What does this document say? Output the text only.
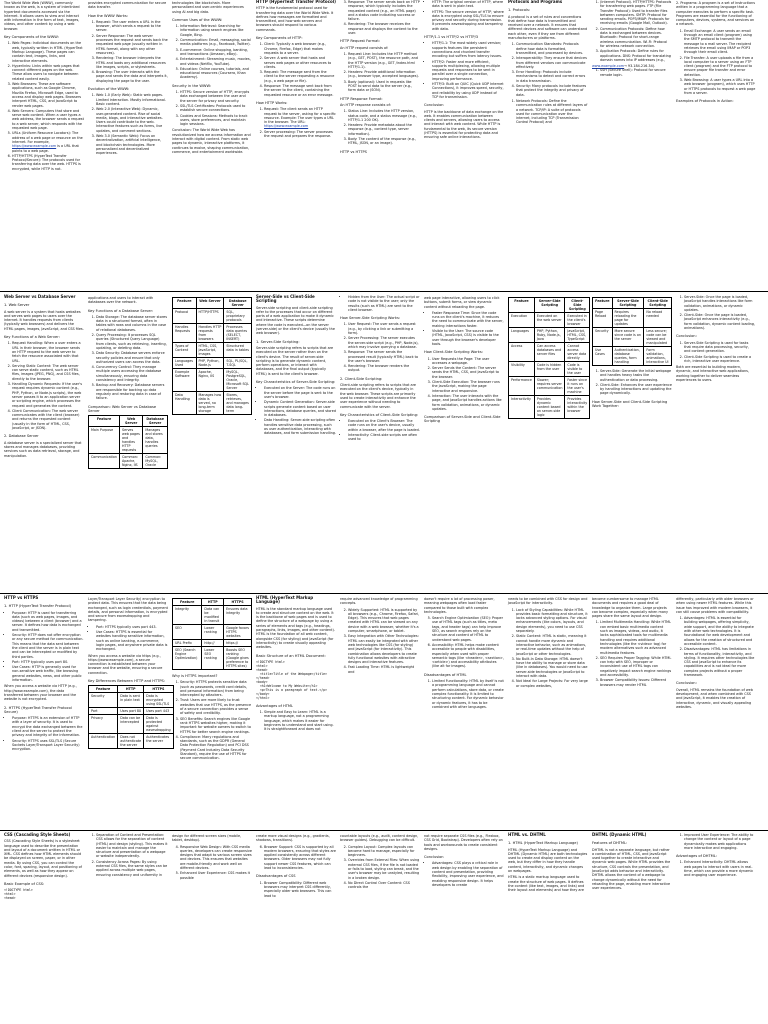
The World Wide Web (WWW), commonly known as the web, is a system of interlinked hypertext documents accessed via the Internet. It allows users to view and interact with information in the form of text, images, videos, and other content by using a web browser.

Key Components of the WWW:
1. Web Pages: Individual documents on the web, typically written in HTML (HyperText Markup Language). These pages can contain text, images, links, and interactive elements.
2. Hyperlinks: Links within web pages that connect different pages on the web. These allow users to navigate between related content easily.
3. Web Browsers: These are software applications, such as Google Chrome, Mozilla Firefox, Microsoft Edge, used to access and display web pages. Browsers interpret HTML, CSS, and JavaScript to render web pages.
4. Web Servers: Computers that store and serve web content. When a user types a web address, the browser sends a request to a web server, which responds with the requested web page.
5. URLs (Uniform Resource Locators): The address of a web page or resource on the internet. For example, https://www.example.com is a URL that points to a web page.
6. HTTP/HTTPS (HyperText Transfer Protocol/Secure): The protocols used for transferring data over the web. HTTPS is encrypted, while HTTP is not.

provides encrypted communication for secure data transfer.

How the WWW Works:
1. Request: The user enters a URL in the browser, which sends a request to the server.
2. Server Response: The web server processes the request and sends back the requested web page (usually written in HTML format, along with any other resources).
3. Rendering: The browser interprets the HTML and loads any additional resources like images, scripts, or stylesheets.
4. Browsing: The user interacts with the page and sends the data and interprets it, displaying the page to the user.
Evolution of the WWW:
1. Web 1.0 (Early Web): Static web pages. Limited interaction. Mostly informational. Basic content.
2. Web 2.0 (Interactive Web): Dynamic, user-generated content. Rise of social media, blogs, and interactive websites. Users could contribute to the web. Interactive features such as forms, live updates, and comment sections.
3. Web 3.0 (Semantic Web): Focus on decentralization, artificial intelligence, and blockchain technologies. More personalized and decentralized experiences.

technologies like blockchain. More personalized and user-centric experiences using AI and big data.

Common Uses of the WWW:
1. Information Retrieval: Searching for information using search engines like Google, Bing.
2. Communication: Email, messaging, social media platforms (e.g., Facebook, Twitter).
3. E-commerce: Online shopping, banking, and transactions (Amazon, eBay).
4. Entertainment: Streaming music, movies, and videos (Netflix, YouTube).
5. Education: Online courses, tutorials, and educational resources (Coursera, Khan Academy).
Security in the WWW:
1. HTTPS: Secure version of HTTP, encrypts data exchanged between the user and the server for privacy and security.
2. SSL/TLS Certificates: Protocols used to establish secure connections.
3. Cookies and Sessions: Methods to track users, store preferences, and maintain login sessions.

Conclusion: The World Wide Web has revolutionized how we access information and interact with digital content. From static web pages to dynamic, interactive platforms, it continues to evolve, shaping communication, commerce, and entertainment worldwide.

HTTP (HyperText Transfer Protocol)

HTTP is the fundamental protocol used for transferring data over the World Wide Web. It defines how messages are formatted and transmitted, and how web servers and browsers should respond to various commands.

Key Components of HTTP:
1. Client: Typically a web browser (e.g., Chrome, Firefox, Edge) that makes requests to a server.
2. Server: A web server that hosts and serves web pages or other resources to clients.
3. Request: The message sent from the client to the server requesting a resource (e.g., a web page or file).
4. Response: The message sent back from the server to the client, containing the requested resource or an error message.
How HTTP Works:
1. Request: The client sends an HTTP request to the server, asking for a specific resource. Example: The user types a URL in the browser. The URL: https://www.example.com
2. Server processing: The server processes the request and prepares the response.
3. Response: The server sends back an HTTP response, which typically includes the requested content (e.g., an HTML page) and a status code indicating success or failure.
4. Rendering: The browser receives the response and displays the content to the user.
HTTP Request Format:

An HTTP request consists of:

1. Request Line: Includes the HTTP method (e.g., GET, POST), the resource path, and the HTTP version (e.g., GET /index.html HTTP/1.1).
2. Headers: Provide additional information (e.g., browser type, accepted languages).
3. Body (optional): Used in requests like POST to send data to the server (e.g., form data or JSON).
HTTP Response Format:

An HTTP response consists of:

1. Status Line: Includes the HTTP version, status code, and a status message (e.g., HTTP/1.1 200 OK).
2. Headers: Provide metadata about the response (e.g., content type, server information).
3. Body: The content of the response (e.g., HTML, JSON, or an image).
HTTP vs HTTPS
• HTTP: The original version of HTTP, where data is sent in plain text.
• HTTPS: The secure version of HTTP, where data is encrypted using SSL/TLS to ensure privacy and security during transmission. It prevents eavesdropping and tampering with data.
HTTP/1.1 vs HTTP/2 vs HTTP/3
• HTTP/1.1: The most widely used version; supports features like persistent connections and chunked transfer encoding but suffers from latency issues.
• HTTP/2: Faster and more efficient, supports multiplexing, allowing multiple requests and responses to be sent in parallel over a single connection, improving performance.
• HTTP/3: Built on QUIC (Quick UDP Internet Connections), it improves speed, security, and reliability by using UDP instead of TCP for transmission.
Conclusion

HTTP is the backbone of data exchange on the web. It enables communication between clients and servers, allowing users to access and interact with web content. While HTTP is fundamental to the web, its secure version (HTTPS) is essential for protecting data and ensuring safe online interactions.

Protocols and Programs
1. Protocols:

A protocol is a set of rules and conventions that define how data is transmitted and received over a network. It ensures that different devices and software can understand each other, even if they are from different manufacturers or platforms.

1. Communication Standards: Protocols define how data is formatted, transmitted, and processed by devices.
2. Interoperability: They ensure that devices from different vendors can communicate effectively.
3. Error Handling: Protocols include mechanisms to detect and correct errors in data transmission.
4. Security: Many protocols include features that protect the integrity and privacy of data.
1. Network Protocols: Define the communication rules at different layers of a network. TCP/IP: A suite of protocols used for communication over the internet, including TCP (Transmission Control Protocol) and
1. (Internet Protocol). HTTP/HTTPS: Protocols for transferring web pages. FTP (File Transfer Protocol): Used to transfer files between computers. SMTP: Protocol for sending emails. POP3/IMAP: Protocols for receiving emails (Google Mail, Outlook).
2. Communication Protocols: Define how data is exchanged between devices. Bluetooth: Protocol for short-range wireless communication. Wi-Fi: Protocol for wireless network connection.
3. Application Protocols: Define rules for applications. DNS: Protocol for translating domain names into IP addresses (e.g.,
www.example.com→ 93.184.216.34).
1. SSH (Secure Shell): Protocol for secure remote login.

2. Programs: A program is a set of instructions written in a programming language that a computer executes to perform a specific task. Programs are essential for the functioning of computers, devices, systems, and services on a network.

1. Email Exchange: A user sends an email through an email client (program) using the SMTP protocol to transmit the message to a mail server. The recipient retrieves the email using IMAP or POP3 through their email client.
2. File Transfer: A user uploads a file from a local computer to a server using an FTP client (program) and the FTP protocol to ensure proper file transfer and error detection.
3. Web Browsing: A user types a URL into a web browser (program), which uses HTTP or HTTPS protocols to request a web page from a server.
Examples of Protocols in Action:
Web Server vs Database Server
1. Web Server

A web server is a system that hosts websites and serves web pages to users over the internet. It handles requests from clients (typically web browsers) and delivers the HTML pages, images, JavaScript, and CSS files.

Key Functions of a Web Server:
1. Request Handling: When a user enters a URL in their browser, the browser sends an HTTP request to the web server to fetch the resource associated with that URL.
2. Serving Static Content: The web server can serve static content, such as HTML files, images (JPEG, PNG), and CSS files, directly to the browser.
3. Handling Dynamic Requests: If the user's request requires dynamic content (e.g., PHP, Python, or Node.js scripts), the web server passes it to an application server or scripting engine, which processes the request and generates the content.
4. Client Communication: The web server communicates with the client (browser) and returns the requested content (usually in the form of HTML, CSS, JavaScript, or JSON).
2. Database Server

A database server is a specialized server that stores and manages databases, providing services such as data retrieval, storage, and manipulation.

applications and users to interact with databases over the network.

Key Functions of a Database Server:
1. Data Storage: The database server stores data in a structured format, often in tables with rows and columns in the case of relational databases.
2. Query Processing: It processes SQL queries (Structured Query Language) from clients, such as retrieving, inserting, updating, or deleting data.
3. Data Security: Database servers enforce security policies and ensure that only authorized users can access the data.
4. Concurrency Control: They manage multiple users accessing the database simultaneously, ensuring data consistency and integrity.
5. Backup and Recovery: Database servers are responsible for backing up data regularly and restoring data in case of failure.
Comparison: Web Server vs Database Server
Feature	Web Server	Database Server
Main Purpose	Serves web pages and handles HTTP requests	Manages and stores data, handles queries
Communication	Common: Apache, Nginx, IIS	Common: MySQL, Oracle
Feature	Web Server	Database Server
Protocol	HTTP/HTTPS	SQL, proprietary protocols
Handles Requests	Handles HTTP requests from browsers	Processes data queries (SELECT, INSERT)
Types of Content	HTML, CSS, JavaScript, images	Structured data in tables
Languages Used	PHP, Python, Node.js	SQL, PL/SQL, T-SQL
Example Software	Apache, Nginx, IIS	MySQL, PostgreSQL, Oracle, Microsoft SQL Server
Data Handling	Manages how data is served, no long-term storage	Stores, retrieves, and manages data long-term
Server-Side vs Client-Side Scripting

Server-side scripting and client-side scripting refer to the processes that occur on different parts of a web application to make it dynamic and interactive. These scripts determine where the code is executed—on the server (server-side) or the client's device (usually the web browser).

1. Server-Side Scripting:

Server-side scripting refers to scripts that are executed on the server rather than on the client's device. The result of server-side scripting is to generate dynamic content, perform operations, or interact with databases, and the final output (typically HTML) is sent to the client's browser.

Key Characteristics of Server-Side Scripting:
• Executed on the Server: The code runs on the server before the page is sent to the user's browser.
• Dynamic Content Generation: Server-side scripts generate content based on user interactions, database queries, and stored in databases.
• Data Handling: Server-side scripting often handles sensitive data processing, such as user authentication, interacting with databases, and form submission handling.
• Hidden from the User: The actual script or code is not visible to the user; only the results (such as HTML) are sent to the client browser.
How Server-Side Scripting Works:
1. User Request: The user sends a request (e.g., by clicking a link or submitting a form).
2. Server Processing: The server executes the server-side script (e.g., PHP, Node.js), which may involve querying a database.
3. Response: The server sends the processed result (typically HTML) back to the user's browser.
4. Rendering: The browser renders the output.
2. Client-Side Scripting:

Client-side scripting refers to scripts that are executed on the client's device, typically in the web browser. These scripts are primarily used to create interactivity and enhance the user experience without needing to communicate with the server.

Key Characteristics of Client-Side Scripting:
• Executed on the Client's Browser: The code runs on the user's device, usually within a browser, after the page is loaded.
• Interactivity: Client-side scripts are often used to

web page interactive, allowing users to click buttons, submit forms, or view dynamic content without reloading the page.

• Faster Response Time: Since the code runs on the client's machine, it reduces the need to communicate with the server, making interactions faster.
• Visible to the User: The source code (HTML, JavaScript, CSS) is visible to the user through the browser's developer tools.
How Client-Side Scripting Works:
1. User Requests the Page: The user accesses a webpage.
2. Server Sends the Content: The server sends the HTML, CSS, and JavaScript to the browser.
3. Client-Side Execution: The browser runs the JavaScript, making the page interactive and responsive.
4. Interaction: The user interacts with the page, and JavaScript handles actions like form validation, animations, or dynamic updates.
Comparison of Server-Side and Client-Side Scripting
Feature	Server-Side Scripting	Client-Side Scripting
Execution	Executed on the web server	Executed in the client's browser
Languages	PHP, Python, Ruby, Node.js, Java	JavaScript, HTML, CSS, TypeScript
Access	Can access databases and server files	Cannot access server data directly
Visibility	Code is hidden from the user	Code is visible to the user
Performance	Slower; requires server communication	Faster since it runs on the user's machine
Interactivity	Provides dynamic content based on server-side logic	Provides interactivity within the browser
Feature	Server-Side Scripting	Client-Side Scripting
Page Reload	Requires reloading the page for updates	No reload needed
Security	More secure since code is on the server	Less secure; code can be viewed and manipulated
Use Cases	Authentication, database queries, form handling	Form validation, animations, interactive UI
1. Server-Side: Generate the initial webpage and handles heavy tasks like authentication or data processing.
2. Client-Side: Enhances the user experience by handling interactions and updating the page dynamically.
How Server-Side and Client-Side Scripting Work Together:
1. Server-Side: Once the page is loaded, JavaScript handles interactions like form validation, animations, or dynamic updates.
2. Client-Side: Once the page is loaded, JavaScript enhances interactivity (e.g., form validation, dynamic content loading, animations).
Conclusion:
1. Server-Side Scripting is used for tasks that require data processing, security, and content generation.
2. Client-Side Scripting is used to create a rich, interactive user experience.

Both are essential to building modern, dynamic, and interactive web applications, working together to deliver seamless experiences to users.

HTTP vs HTTPS
1. HTTP (HyperText Transfer Protocol)
• Purpose: HTTP is used for transferring data (such as web pages, images, and videos) between a client (browser) and a server. It defines how data is exchanged and transmitted.
• Security: HTTP does not offer encryption or any secure method for communication. This means that the data sent between the client and the server is in plain text and can be intercepted or modified by third parties.
• Port: HTTP typically uses port 80.
• Use Cases: HTTP is generally used for non-sensitive web traffic, like browsing general websites, news, and other public information.

When you access a website via HTTP (e.g., http://www.example.com), the data transferred between your browser and the website is not encrypted.

2. HTTPS (HyperText Transfer Protocol Secure)
• Purpose: HTTPS is an extension of HTTP with a layer of security. It is used to encrypt the data exchanged between the client and the server to protect the privacy and integrity of the information.
• Security: HTTPS uses SSL/TLS (Secure Sockets Layer/Transport Layer Security) encryption.

Layer/Transport Layer Security) encryption to protect data. This ensures that the data being exchanged, such as login credentials, payment details, and personal information, is encrypted and secure from eavesdropping and tampering.

• Port: HTTPS typically uses port 443.
• Use Cases: HTTPS is essential for websites handling sensitive information, such as online banking, e-commerce, login pages, and anywhere private data is exchanged.

When you access a website via https (e.g., https://www.example.com), a secure connection is established between your browser and the website, ensuring a secure connection.

Key Differences Between HTTP and HTTPS:
Feature	HTTP	HTTPS
Security	Data is sent in plain text	Data is encrypted using SSL/TLS
Port	Uses port 80	Uses port 443
Privacy	Data can be intercepted	Data is protected against eavesdropping
Authentication	Does not authenticate the server	Authenticates the server
Feature	HTTP	HTTPS
Integrity	Data can be modified in transit	Ensures data integrity
SEO	Lower ranking	Google favors HTTPS websites
URL Prefix	http://	https://
SEO (Search Engine Optimization)	Lower SEO ranking	Boosts SEO ranking (Google gives preference to HTTPS sites)
Why is HTTPS important?
1. Security: HTTPS protects sensitive data (such as passwords, credit card details, and personal information) from being intercepted by attackers.
2. Trust: Users are more likely to trust websites that use HTTPS, as the presence of a secure connection provides a sense of safety and credibility.
3. SEO Benefits: Search engines like Google rank HTTPS websites higher, making it important for website owners to switch to HTTPS for better search engine rankings.
4. Compliance: Many regulations and standards, such as the GDPR (General Data Protection Regulation) and PCI DSS (Payment Card Industry Data Security Standard), require the use of HTTPS for secure communication.
HTML (HyperText Markup Language)

HTML is the standard markup language used to create and structure content on the web. It is the backbone of web pages and is used to define the structure of a webpage by using a series of elements and tags (e.g., headings, paragraphs, links, images, and other content). HTML is the foundation of all web content, alongside CSS (for styling) and JavaScript (for interactivity) to create visually appealing websites.

Basic Structure of an HTML Document:
<!DOCTYPE html>
<html>
<head>
<title>Title of the Webpage</title>
</head>
<body>
<h1>Welcome to My Website</h1>
<p>This is a paragraph of text.</p>
</body>
</html>
Advantages of HTML
1. Simple and Easy to Learn: HTML is a markup language, not a programming language, which makes it easier for beginners to understand and start using. It is straightforward and does not

require advanced knowledge of programming concepts.

2. Widely Supported: HTML is supported by all browsers (e.g., Chrome, Firefox, Safari, Edge). This ensures that web pages created with HTML can be viewed on any device with a web browser, whether it's a computer, smartphone, or tablet.
3. Easy Integration with Other Technologies: HTML can easily be integrated with other web technologies like CSS (for styling) and JavaScript (for interactivity). This combination allows developers to create fully functional websites with attractive designs and interactive features.
4. Fast Loading Time: HTML is lightweight and

doesn't require a lot of processing power, meaning webpages often load faster compared to those built with complex technologies.

5. Search Engine Optimization (SEO): Proper use of HTML tags (such as titles, meta tags, and header tags) can help improve SEO, as search engines rely on the structure and content of HTML to understand web pages.
6. Accessibility: HTML helps make content accessible to people with disabilities, especially when used with proper semantic tags (like <header>, <section>, <article>) and accessibility attributes (like alt for images).
Disadvantages of HTML
1. Limited Functionality: HTML by itself is not a programming language and cannot perform calculations, store data, or create complex functionality. It is limited to structuring content. For dynamic behavior or dynamic features, it has to be combined with other languages.

needs to be combined with CSS for design and JavaScript for interactivity.

1. Lack of Styling Capabilities: While HTML provides basic formatting and structure, it lacks advanced styling options. For visual enhancements (like colors, layouts, and design elements), you need to use CSS separately.
2. Static Content: HTML is static, meaning it cannot handle more dynamic and interactive behavior, such as animations, or real-time updates without the help of JavaScript or other technologies.
3. No Built-In Data Storage: HTML doesn't have the ability to manage or store data (like in databases). You would need to use server-side technologies or JavaScript to interact with data.
4. Not Ideal for Large Projects: For very large or complex websites,

become cumbersome to manage HTML documents and requires a good deal of knowledge to organize them. Large projects can become complex, especially when many pages share the same layout and design.

1. Limited Multimedia Handling: While HTML can embed basic multimedia content such as images, videos, and audio, it lacks sophisticated tools for multimedia handling and requires additional technologies (like the <video> tag) for modern alternatives such as advanced multimedia features.
2. SEO Requires Proper Tagging: While HTML can help with SEO, improper or inconsistent use of HTML tags can negatively impact search engine rankings and accessibility.
3. Browser Compatibility Issues: Different browsers may render HTML

differently, particularly with older browsers or when using newer HTML features. While this issue has improved with modern browsers, it can still cause problems with compatibility.

1. Advantages: HTML is essential for building webpages, offering simplicity, wide support, and the ability to integrate with other web technologies. It is foundational for web development and allows for the creation of structured and accessible content.
2. Disadvantages: HTML has limitations in terms of functionality, interactivity, and styling. It requires other technologies like CSS and JavaScript to enhance its capabilities and is not ideal for more complex projects without a proper framework.
Conclusion:

Overall, HTML remains the foundation of web development, and when combined with CSS and JavaScript, it enables the creation of interactive, dynamic, and visually appealing websites.

CSS (Cascading Style Sheets)

CSS (Cascading Style Sheets) is a stylesheet language used to describe the presentation and layout of a document written in HTML or XML. CSS defines how HTML elements should be displayed on screen, paper, or in other media. By using CSS, you can control the color, font, spacing, layout, and positioning of elements, as well as how they appear on different devices (responsive design).

Basic Example of CSS:
<!DOCTYPE html>
<html>
<head>
1. Separation of Content and Presentation: CSS allows for the separation of content (HTML) and design (styling). This makes it easier to maintain and manage the structure and presentation of a webpage or website independently.
2. Consistency Across Pages: By using external CSS files, the same styles can be applied across multiple web pages, ensuring consistency and uniformity in

design for different screen sizes (mobile, tablet, desktop).

4. Responsive Web Design: With CSS media queries, developers can create responsive designs that adapt to various screen sizes and devices. This ensures that websites are mobile-friendly and work well on different devices.
5. Enhanced User Experience: CSS makes it possible

create more visual designs (e.g., gradients, shadows, transitions).

6. Browser Support: CSS is supported by all modern browsers, ensuring that styles are applied consistently across different browsers. Older browsers may not fully support newer CSS features, which can lead to inconsistencies.
Disadvantages of CSS
1. Browser Compatibility: Different web browsers may interpret CSS differently, especially older web browsers. This can lead to

countable layouts (e.g., audit, content design, browser guides). Debugging can be difficult.

2. Complex Layout: Complex layouts can become hard to manage, especially for beginners.
3. Overrides from External Files: When using external CSS files, if the file is not loaded or fails to load, styling can break, and the user's browser may be unstyled, resulting in a broken design.
4. No Direct Control Over Content: CSS controls the

not require separate CSS files (e.g., Flexbox, CSS Grid, Bootstrap). Developers often rely on tools and workarounds to create consistent designs.

Conclusion
• Advantages: CSS plays a critical role in web design by enabling the separation of content and presentation, providing flexibility, improving user experience, and enabling responsive design. It helps developers to create
HTML vs. DHTML
1. HTML (HyperText Markup Language)

HTML (HyperText Markup Language) and DHTML (Dynamic HTML) are both technologies used to create and display content on the web, but they differ in how they handle content, interactivity, and dynamic changes on webpages.

HTML is a static markup language used to create the structure of web pages. It defines the content (like text, images, and links) and their layout and elements) and how they are

DHTML (Dynamic HTML)
Features of DHTML:

DHTML is not a separate language, but rather a combination of HTML, CSS, and JavaScript used together to create interactive and dynamic web pages. While HTML provides the structure, CSS controls the presentation, and JavaScript adds behavior and interactivity. DHTML allows the content of a webpage to change dynamically without the need for reloading the page, enabling more interactive user experiences.

1. Improved User Experience: The ability to change the content or layout of a page dynamically makes web applications more interactive and engaging.
Advantages of DHTML:
1. Enhanced Interactivity: DHTML allows web pages to interact with users in real-time, which can provide a more dynamic and engaging user experience.
